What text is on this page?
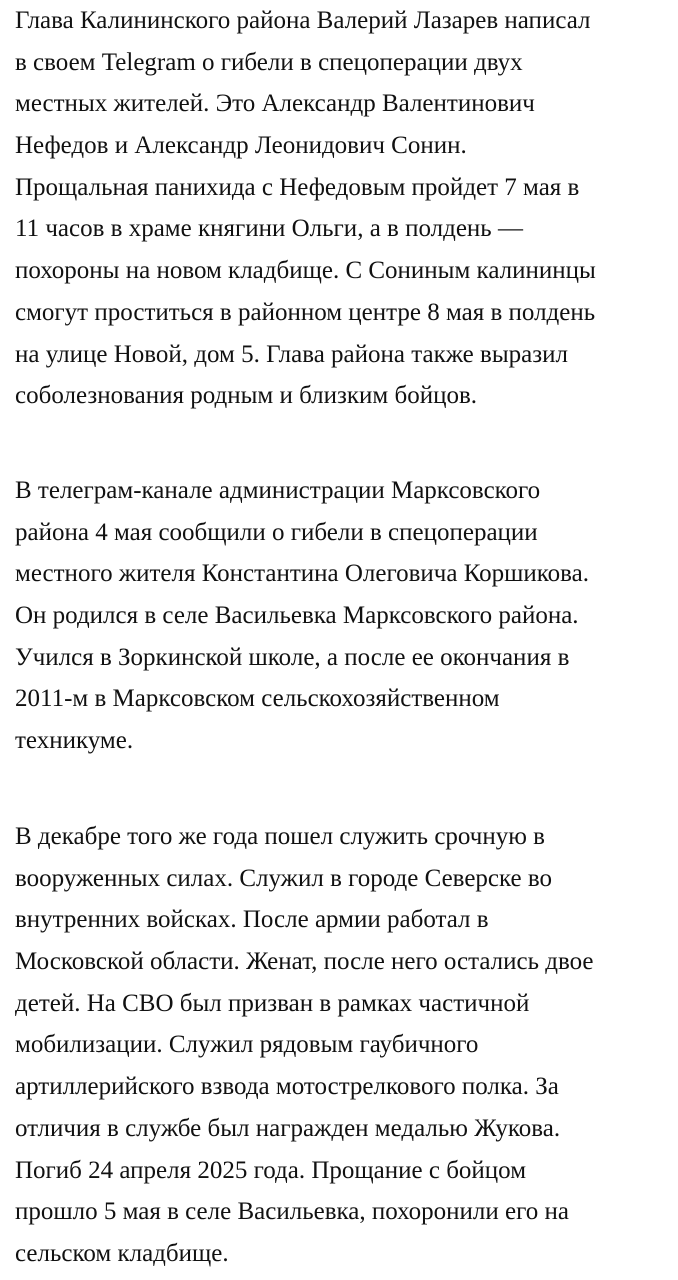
Глава Калининского района Валерий Лазарев написал
в своем Telegram о гибели в спецоперации двух
местных жителей. Это Александр Валентинович
Нефедов и Александр Леонидович Сонин.
Прощальная панихида с Нефедовым пройдет 7 мая в
11 часов в храме княгини Ольги, а в полдень —
похороны на новом кладбище. С Сониным калининцы
смогут проститься в районном центре 8 мая в полдень
на улице Новой, дом 5. Глава района также выразил
соболезнования родным и близким бойцов.

В телеграм-канале администрации Марксовского
района 4 мая сообщили о гибели в спецоперации
местного жителя Константина Олеговича Коршикова.
Он родился в селе Васильевка Марксовского района.
Учился в Зоркинской школе, а после ее окончания в
2011-м в Марксовском сельскохозяйственном
техникуме.

В декабре того же года пошел служить срочную в
вооруженных силах. Служил в городе Северске во
внутренних войсках. После армии работал в
Московской области. Женат, после него остались двое
детей. На СВО был призван в рамках частичной
мобилизации. Служил рядовым гаубичного
артиллерийского взвода мотострелкового полка. За
отличия в службе был награжден медалью Жукова.
Погиб 24 апреля 2025 года. Прощание с бойцом
прошло 5 мая в селе Васильевка, похоронили его на
сельском кладбище.
